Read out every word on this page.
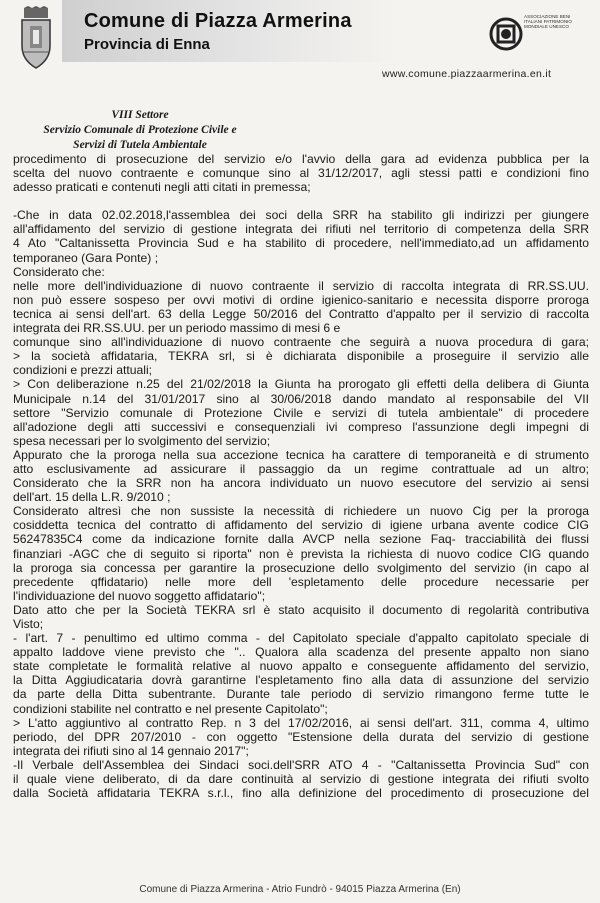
Comune di Piazza Armerina
Provincia di Enna
ASSOCIAZIONE BENI ITALIANI PATRIMONIO MONDIALE UNESCO
www.comune.piazzaarmerina.en.it
VIII Settore
Servizio Comunale di Protezione Civile e
Servizi di Tutela Ambientale
procedimento di prosecuzione del servizio e/o l'avvio della gara ad evidenza pubblica per la
scelta del nuovo contraente e comunque sino al 31/12/2017, agli stessi patti e condizioni fino
adesso praticati e contenuti negli atti citati in premessa;
-Che in data 02.02.2018,l'assemblea dei soci della SRR ha stabilito gli indirizzi per giungere
all'affidamento del servizio di gestione integrata dei rifiuti nel territorio di competenza della SRR
4 Ato "Caltanissetta Provincia Sud e ha stabilito di procedere, nell'immediato,ad un affidamento
temporaneo (Gara Ponte) ;
Considerato che:
nelle more dell'individuazione di nuovo contraente il servizio di raccolta integrata di RR.SS.UU.
non può essere sospeso per ovvi motivi di ordine igienico-sanitario e necessita disporre proroga
tecnica ai sensi dell'art. 63 della Legge 50/2016 del Contratto d'appalto per il servizio di raccolta
integrata dei RR.SS.UU. per un periodo massimo di mesi 6 e
comunque sino all'individuazione di nuovo contraente che seguirà a nuova procedura di gara;
> la società affidataria, TEKRA srl, si è dichiarata disponibile a proseguire il servizio alle
condizioni e prezzi attuali;
> Con deliberazione n.25 del 21/02/2018 la Giunta ha prorogato gli effetti della delibera di Giunta
Municipale n.14 del 31/01/2017 sino al 30/06/2018 dando mandato al responsabile del VII
settore "Servizio comunale di Protezione Civile e servizi di tutela ambientale" di procedere
all'adozione degli atti successivi e consequenziali ivi compreso l'assunzione degli impegni di
spesa necessari per lo svolgimento del servizio;
Appurato che la proroga nella sua accezione tecnica ha carattere di temporaneità e di strumento
atto esclusivamente ad assicurare il passaggio da un regime contrattuale ad un altro;
Considerato che la SRR non ha ancora individuato un nuovo esecutore del servizio ai sensi
dell'art. 15 della L.R. 9/2010 ;
Considerato altresì che non sussiste la necessità di richiedere un nuovo Cig per la proroga
cosiddetta tecnica del contratto di affidamento del servizio di igiene urbana avente codice CIG
56247835C4 come da indicazione fornite dalla AVCP nella sezione Faq- tracciabilità dei flussi
finanziari -AGC che di seguito si riporta" non è prevista la richiesta di nuovo codice CIG quando
la proroga sia concessa per garantire la prosecuzione dello svolgimento del servizio (in capo al
precedente qffidatario) nelle more dell 'espletamento delle procedure necessarie per
l'individuazione del nuovo soggetto affidatario";
Dato atto che per la Società TEKRA srl è stato acquisito il documento di regolarità contributiva
Visto;
- l'art. 7 - penultimo ed ultimo comma - del Capitolato speciale d'appalto capitolato speciale di
appalto laddove viene previsto che ".. Qualora alla scadenza del presente appalto non siano
state completate le formalità relative al nuovo appalto e conseguente affidamento del servizio,
la Ditta Aggiudicataria dovrà garantirne l'espletamento fino alla data di assunzione del servizio
da parte della Ditta subentrante. Durante tale periodo di servizio rimangono ferme tutte le
condizioni stabilite nel contratto e nel presente Capitolato";
> L'atto aggiuntivo al contratto Rep. n 3 del 17/02/2016, ai sensi dell'art. 311, comma 4, ultimo
periodo, del DPR 207/2010 - con oggetto "Estensione della durata del servizio di gestione
integrata dei rifiuti sino al 14 gennaio 2017";
-Il Verbale dell'Assemblea dei Sindaci soci.dell'SRR ATO 4 - "Caltanissetta Provincia Sud" con
il quale viene deliberato, di da dare continuità al servizio di gestione integrata dei rifiuti svolto
dalla Società affidataria TEKRA s.r.l., fino alla definizione del procedimento di prosecuzione del
Comune di Piazza Armerina - Atrio Fundrò - 94015 Piazza Armerina (En)
